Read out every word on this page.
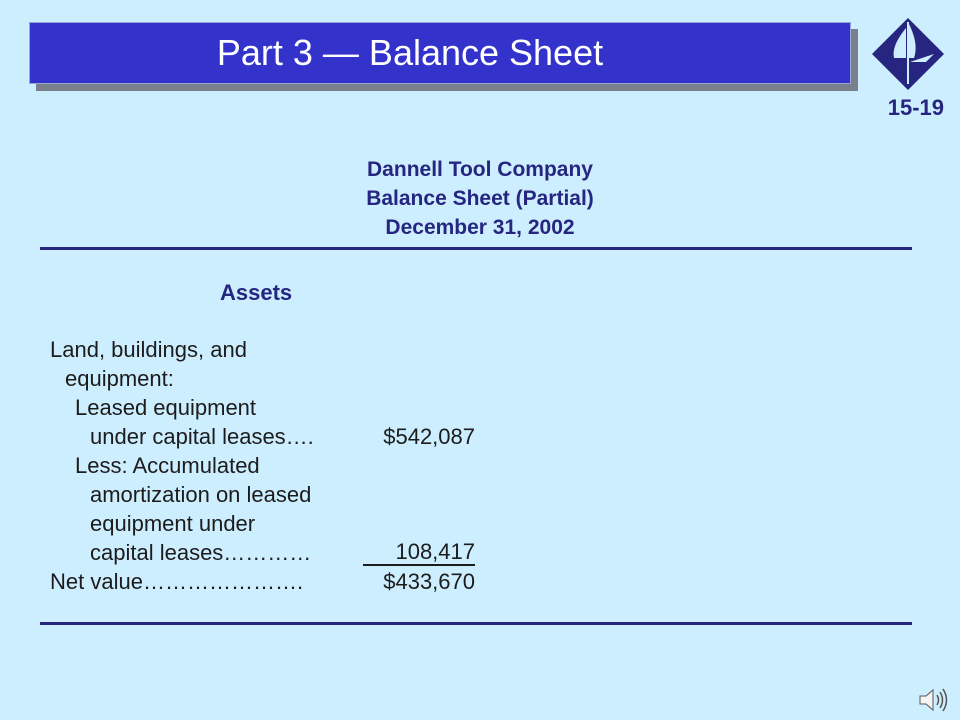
Part 3 — Balance Sheet
15-19
Dannell Tool Company
Balance Sheet (Partial)
December 31, 2002
Assets
Land, buildings, and
equipment:
Leased equipment
under capital leases….	$542,087
Less: Accumulated
amortization on leased
equipment under
capital leases…………	108,417
Net value………………….	$433,670
